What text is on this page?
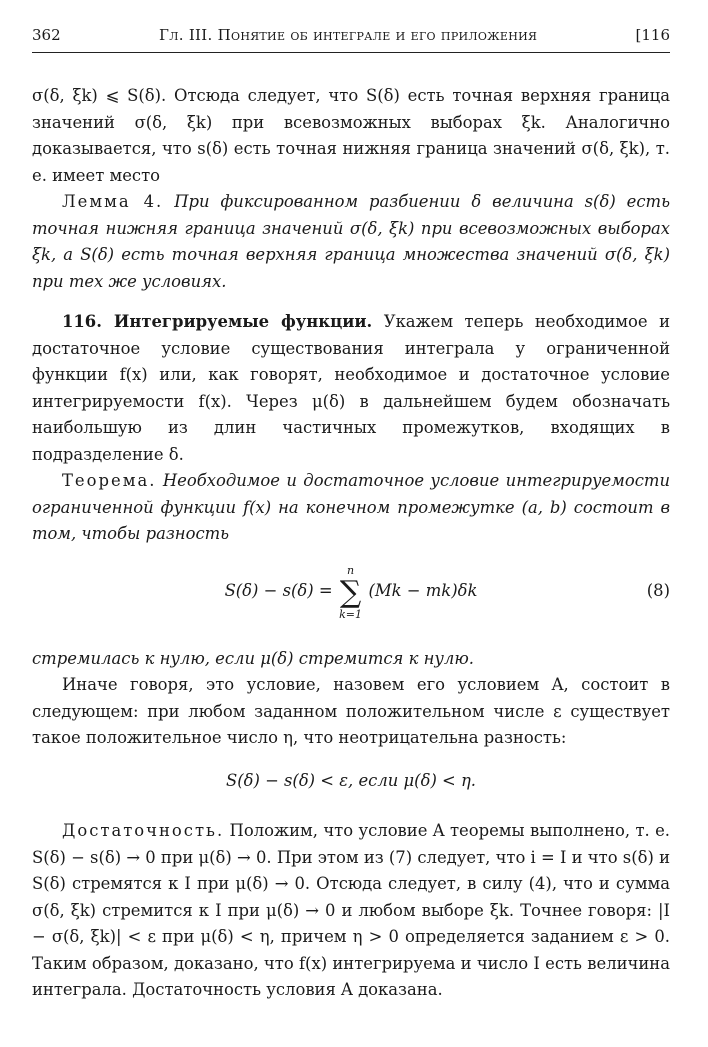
362	Гл. III. Понятие об интеграле и его приложения	[116

σ(δ, ξk) ⩽ S(δ). Отсюда следует, что S(δ) есть точная верхняя граница значений σ(δ, ξk) при всевозможных выборах ξk. Аналогично доказывается, что s(δ) есть точная нижняя граница значений σ(δ, ξk), т. е. имеет место

Лемма 4. При фиксированном разбиении δ величина s(δ) есть точная нижняя граница значений σ(δ, ξk) при всевозможных выборах ξk, а S(δ) есть точная верхняя граница множества значений σ(δ, ξk) при тех же условиях.

116. Интегрируемые функции. Укажем теперь необходимое и достаточное условие существования интеграла у ограниченной функции f(x) или, как говорят, необходимое и достаточное условие интегрируемости f(x). Через μ(δ) в дальнейшем будем обозначать наибольшую из длин частичных промежутков, входящих в подразделение δ.

Теорема. Необходимое и достаточное условие интегрируемости ограниченной функции f(x) на конечном промежутке (a, b) состоит в том, чтобы разность

S(δ) − s(δ) =
n
∑
k=1
(Mk − mk)δk	(8)

стремилась к нулю, если μ(δ) стремится к нулю.

Иначе говоря, это условие, назовем его условием A, состоит в следующем: при любом заданном положительном числе ε существует такое положительное число η, что неотрицательна разность:

S(δ) − s(δ) < ε, если μ(δ) < η.

Достаточность. Положим, что условие A теоремы выполнено, т. е. S(δ) − s(δ) → 0 при μ(δ) → 0. При этом из (7) следует, что i = I и что s(δ) и S(δ) стремятся к I при μ(δ) → 0. Отсюда следует, в силу (4), что и сумма σ(δ, ξk) стремится к I при μ(δ) → 0 и любом выборе ξk. Точнее говоря: |I − σ(δ, ξk)| < ε при μ(δ) < η, причем η > 0 определяется заданием ε > 0. Таким образом, доказано, что f(x) интегрируема и число I есть величина интеграла. Достаточность условия A доказана.
